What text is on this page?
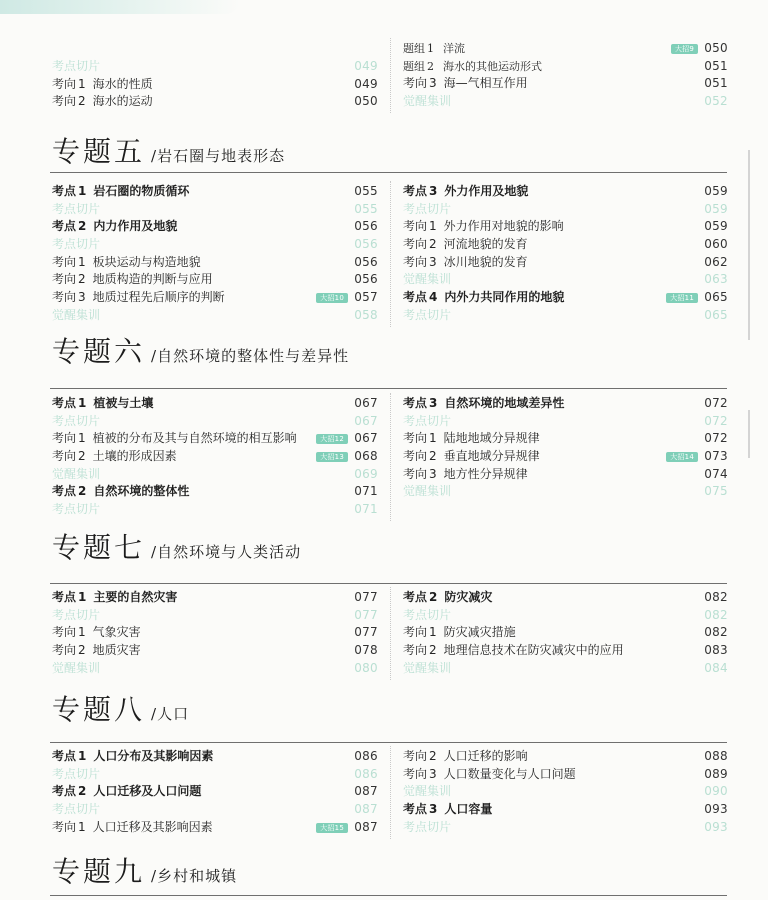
考点切片	049
考向 1 海水的性质	049
考向 2 海水的运动	050
题组 1 洋流	大招9 050
题组 2 海水的其他运动形式	051
考向 3 海—气相互作用	051
觉醒集训	052
专题五 /岩石圈与地表形态
考点 1 岩石圈的物质循环	055
考点切片	055
考点 2 内力作用及地貌	056
考点切片	056
考向 1 板块运动与构造地貌	056
考向 2 地质构造的判断与应用	056
考向 3 地质过程先后顺序的判断	大招10 057
觉醒集训	058
考点 3 外力作用及地貌	059
考点切片	059
考向 1 外力作用对地貌的影响	059
考向 2 河流地貌的发育	060
考向 3 冰川地貌的发育	062
觉醒集训	063
考点 4 内外力共同作用的地貌	大招11 065
考点切片	065
专题六 /自然环境的整体性与差异性
考点 1 植被与土壤	067
考点切片	067
考向 1 植被的分布及其与自然环境的相互影响	大招12 067
考向 2 土壤的形成因素	大招13 068
觉醒集训	069
考点 2 自然环境的整体性	071
考点切片	071
考点 3 自然环境的地域差异性	072
考点切片	072
考向 1 陆地地域分异规律	072
考向 2 垂直地域分异规律	大招14 073
考向 3 地方性分异规律	074
觉醒集训	075
专题七 /自然环境与人类活动
考点 1 主要的自然灾害	077
考点切片	077
考向 1 气象灾害	077
考向 2 地质灾害	078
觉醒集训	080
考点 2 防灾减灾	082
考点切片	082
考向 1 防灾减灾措施	082
考向 2 地理信息技术在防灾减灾中的应用	083
觉醒集训	084
专题八 /人口
考点 1 人口分布及其影响因素	086
考点切片	086
考点 2 人口迁移及人口问题	087
考点切片	087
考向 1 人口迁移及其影响因素	大招15 087
考向 2 人口迁移的影响	088
考向 3 人口数量变化与人口问题	089
觉醒集训	090
考点 3 人口容量	093
考点切片	093
专题九 /乡村和城镇
